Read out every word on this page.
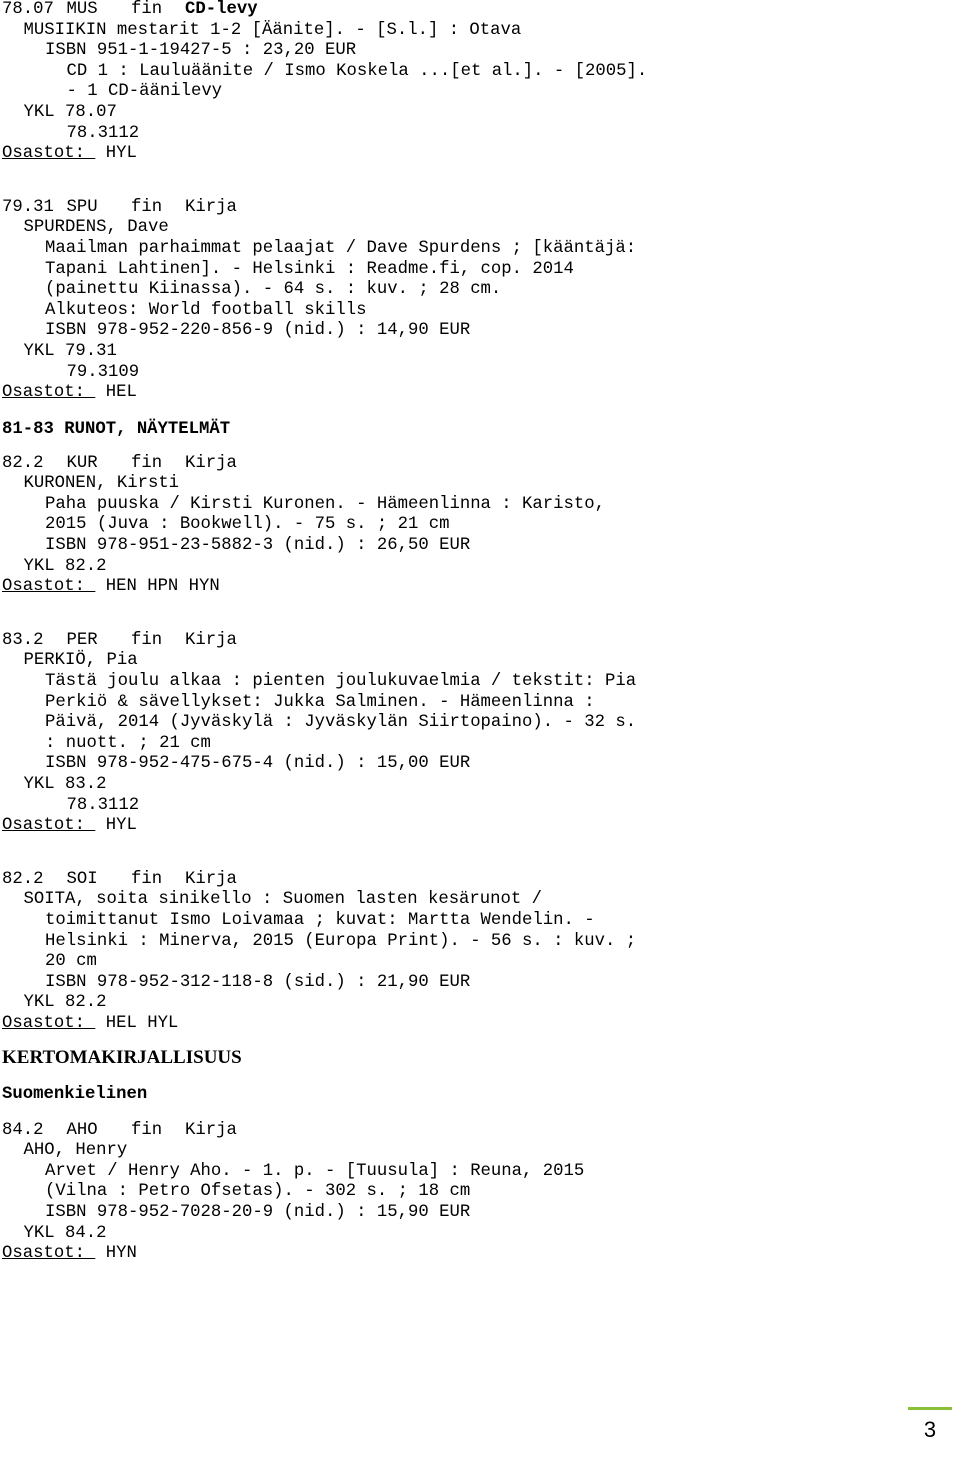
78.07 MUS   fin  CD-levy
MUSIIKIN mestarit 1-2 [Äänite]. - [S.l.] : Otava
ISBN 951-1-19427-5 : 23,20 EUR
CD 1 : Lauluäänite / Ismo Koskela ...[et al.]. - [2005].
- 1 CD-äänilevy
YKL 78.07
78.3112
Osastot:  HYL
79.31 SPU   fin  Kirja
SPURDENS, Dave
Maailman parhaimmat pelaajat / Dave Spurdens ; [kääntäjä:
Tapani Lahtinen]. - Helsinki : Readme.fi, cop. 2014
(painettu Kiinassa). - 64 s. : kuv. ; 28 cm.
Alkuteos: World football skills
ISBN 978-952-220-856-9 (nid.) : 14,90 EUR
YKL 79.31
79.3109
Osastot:  HEL
81-83 RUNOT, NÄYTELMÄT
82.2  KUR   fin  Kirja
KURONEN, Kirsti
Paha puuska / Kirsti Kuronen. - Hämeenlinna : Karisto,
2015 (Juva : Bookwell). - 75 s. ; 21 cm
ISBN 978-951-23-5882-3 (nid.) : 26,50 EUR
YKL 82.2
Osastot:  HEN HPN HYN
83.2  PER   fin  Kirja
PERKIÖ, Pia
Tästä joulu alkaa : pienten joulukuvaelmia / tekstit: Pia
Perkiö & sävellykset: Jukka Salminen. - Hämeenlinna :
Päivä, 2014 (Jyväskylä : Jyväskylän Siirtopaino). - 32 s.
: nuott. ; 21 cm
ISBN 978-952-475-675-4 (nid.) : 15,00 EUR
YKL 83.2
78.3112
Osastot:  HYL
82.2  SOI   fin  Kirja
SOITA, soita sinikello : Suomen lasten kesärunot /
toimittanut Ismo Loivamaa ; kuvat: Martta Wendelin. -
Helsinki : Minerva, 2015 (Europa Print). - 56 s. : kuv. ;
20 cm
ISBN 978-952-312-118-8 (sid.) : 21,90 EUR
YKL 82.2
Osastot:  HEL HYL
KERTOMAKIRJALLISUUS
Suomenkielinen
84.2  AHO   fin  Kirja
AHO, Henry
Arvet / Henry Aho. - 1. p. - [Tuusula] : Reuna, 2015
(Vilna : Petro Ofsetas). - 302 s. ; 18 cm
ISBN 978-952-7028-20-9 (nid.) : 15,90 EUR
YKL 84.2
Osastot:  HYN
3
